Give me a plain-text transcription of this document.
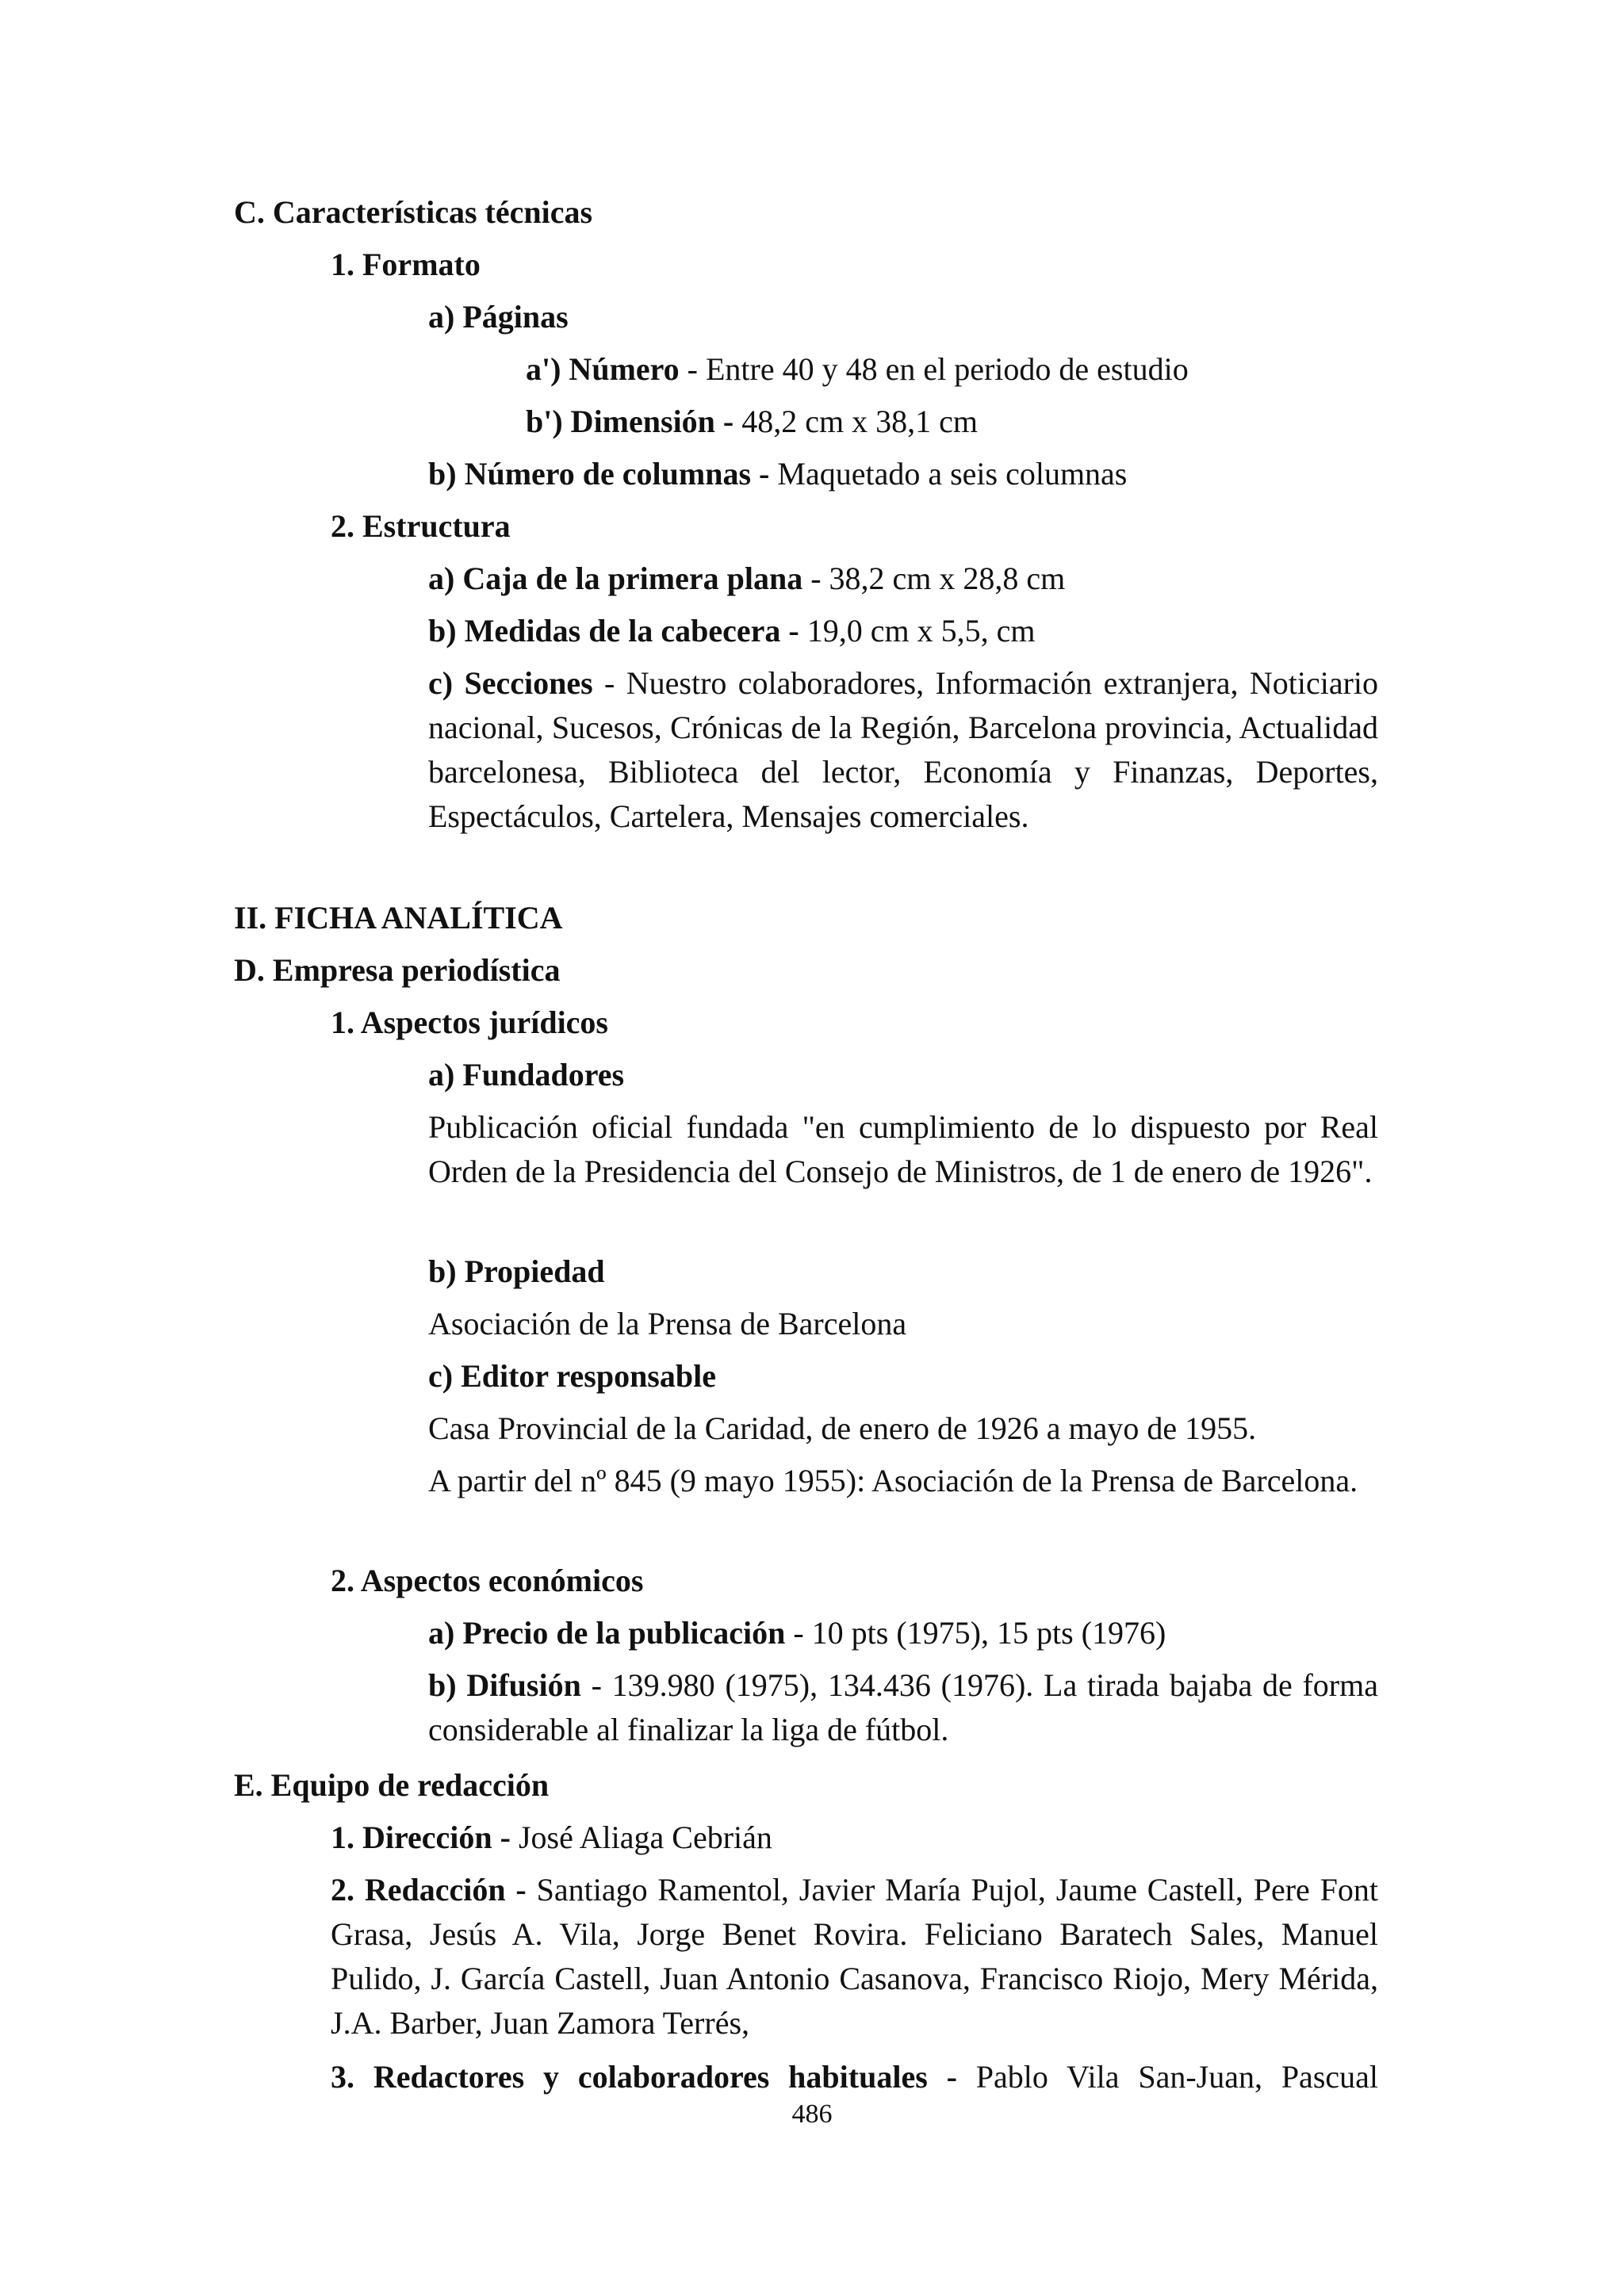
C. Características técnicas

1. Formato

a) Páginas

a') Número - Entre 40 y 48 en el periodo de estudio

b') Dimensión - 48,2 cm x 38,1 cm

b) Número de columnas - Maquetado a seis columnas

2. Estructura

a) Caja de la primera plana - 38,2 cm x 28,8 cm

b) Medidas de la cabecera - 19,0 cm x 5,5, cm

c) Secciones - Nuestro colaboradores, Información extranjera, Noticiario nacional, Sucesos, Crónicas de la Región, Barcelona provincia, Actualidad barcelonesa, Biblioteca del lector, Economía y Finanzas, Deportes, Espectáculos, Cartelera, Mensajes comerciales.

II. FICHA ANALÍTICA

D. Empresa periodística

1. Aspectos jurídicos

a) Fundadores

Publicación oficial fundada "en cumplimiento de lo dispuesto por Real Orden de la Presidencia del Consejo de Ministros, de 1 de enero de 1926".

b) Propiedad

Asociación de la Prensa de Barcelona

c) Editor responsable

Casa Provincial de la Caridad, de enero de 1926 a mayo de 1955.

A partir del nº 845 (9 mayo 1955): Asociación de la Prensa de Barcelona.

2. Aspectos económicos

a) Precio de la publicación - 10 pts (1975), 15 pts (1976)

b) Difusión - 139.980 (1975), 134.436 (1976). La tirada bajaba de forma considerable al finalizar la liga de fútbol.

E. Equipo de redacción

1. Dirección - José Aliaga Cebrián

2. Redacción - Santiago Ramentol, Javier María Pujol, Jaume Castell, Pere Font Grasa, Jesús A. Vila, Jorge Benet Rovira. Feliciano Baratech Sales, Manuel Pulido, J. García Castell, Juan Antonio Casanova, Francisco Riojo, Mery Mérida, J.A. Barber, Juan Zamora Terrés,

3. Redactores y colaboradores habituales - Pablo Vila San-Juan, Pascual

486
